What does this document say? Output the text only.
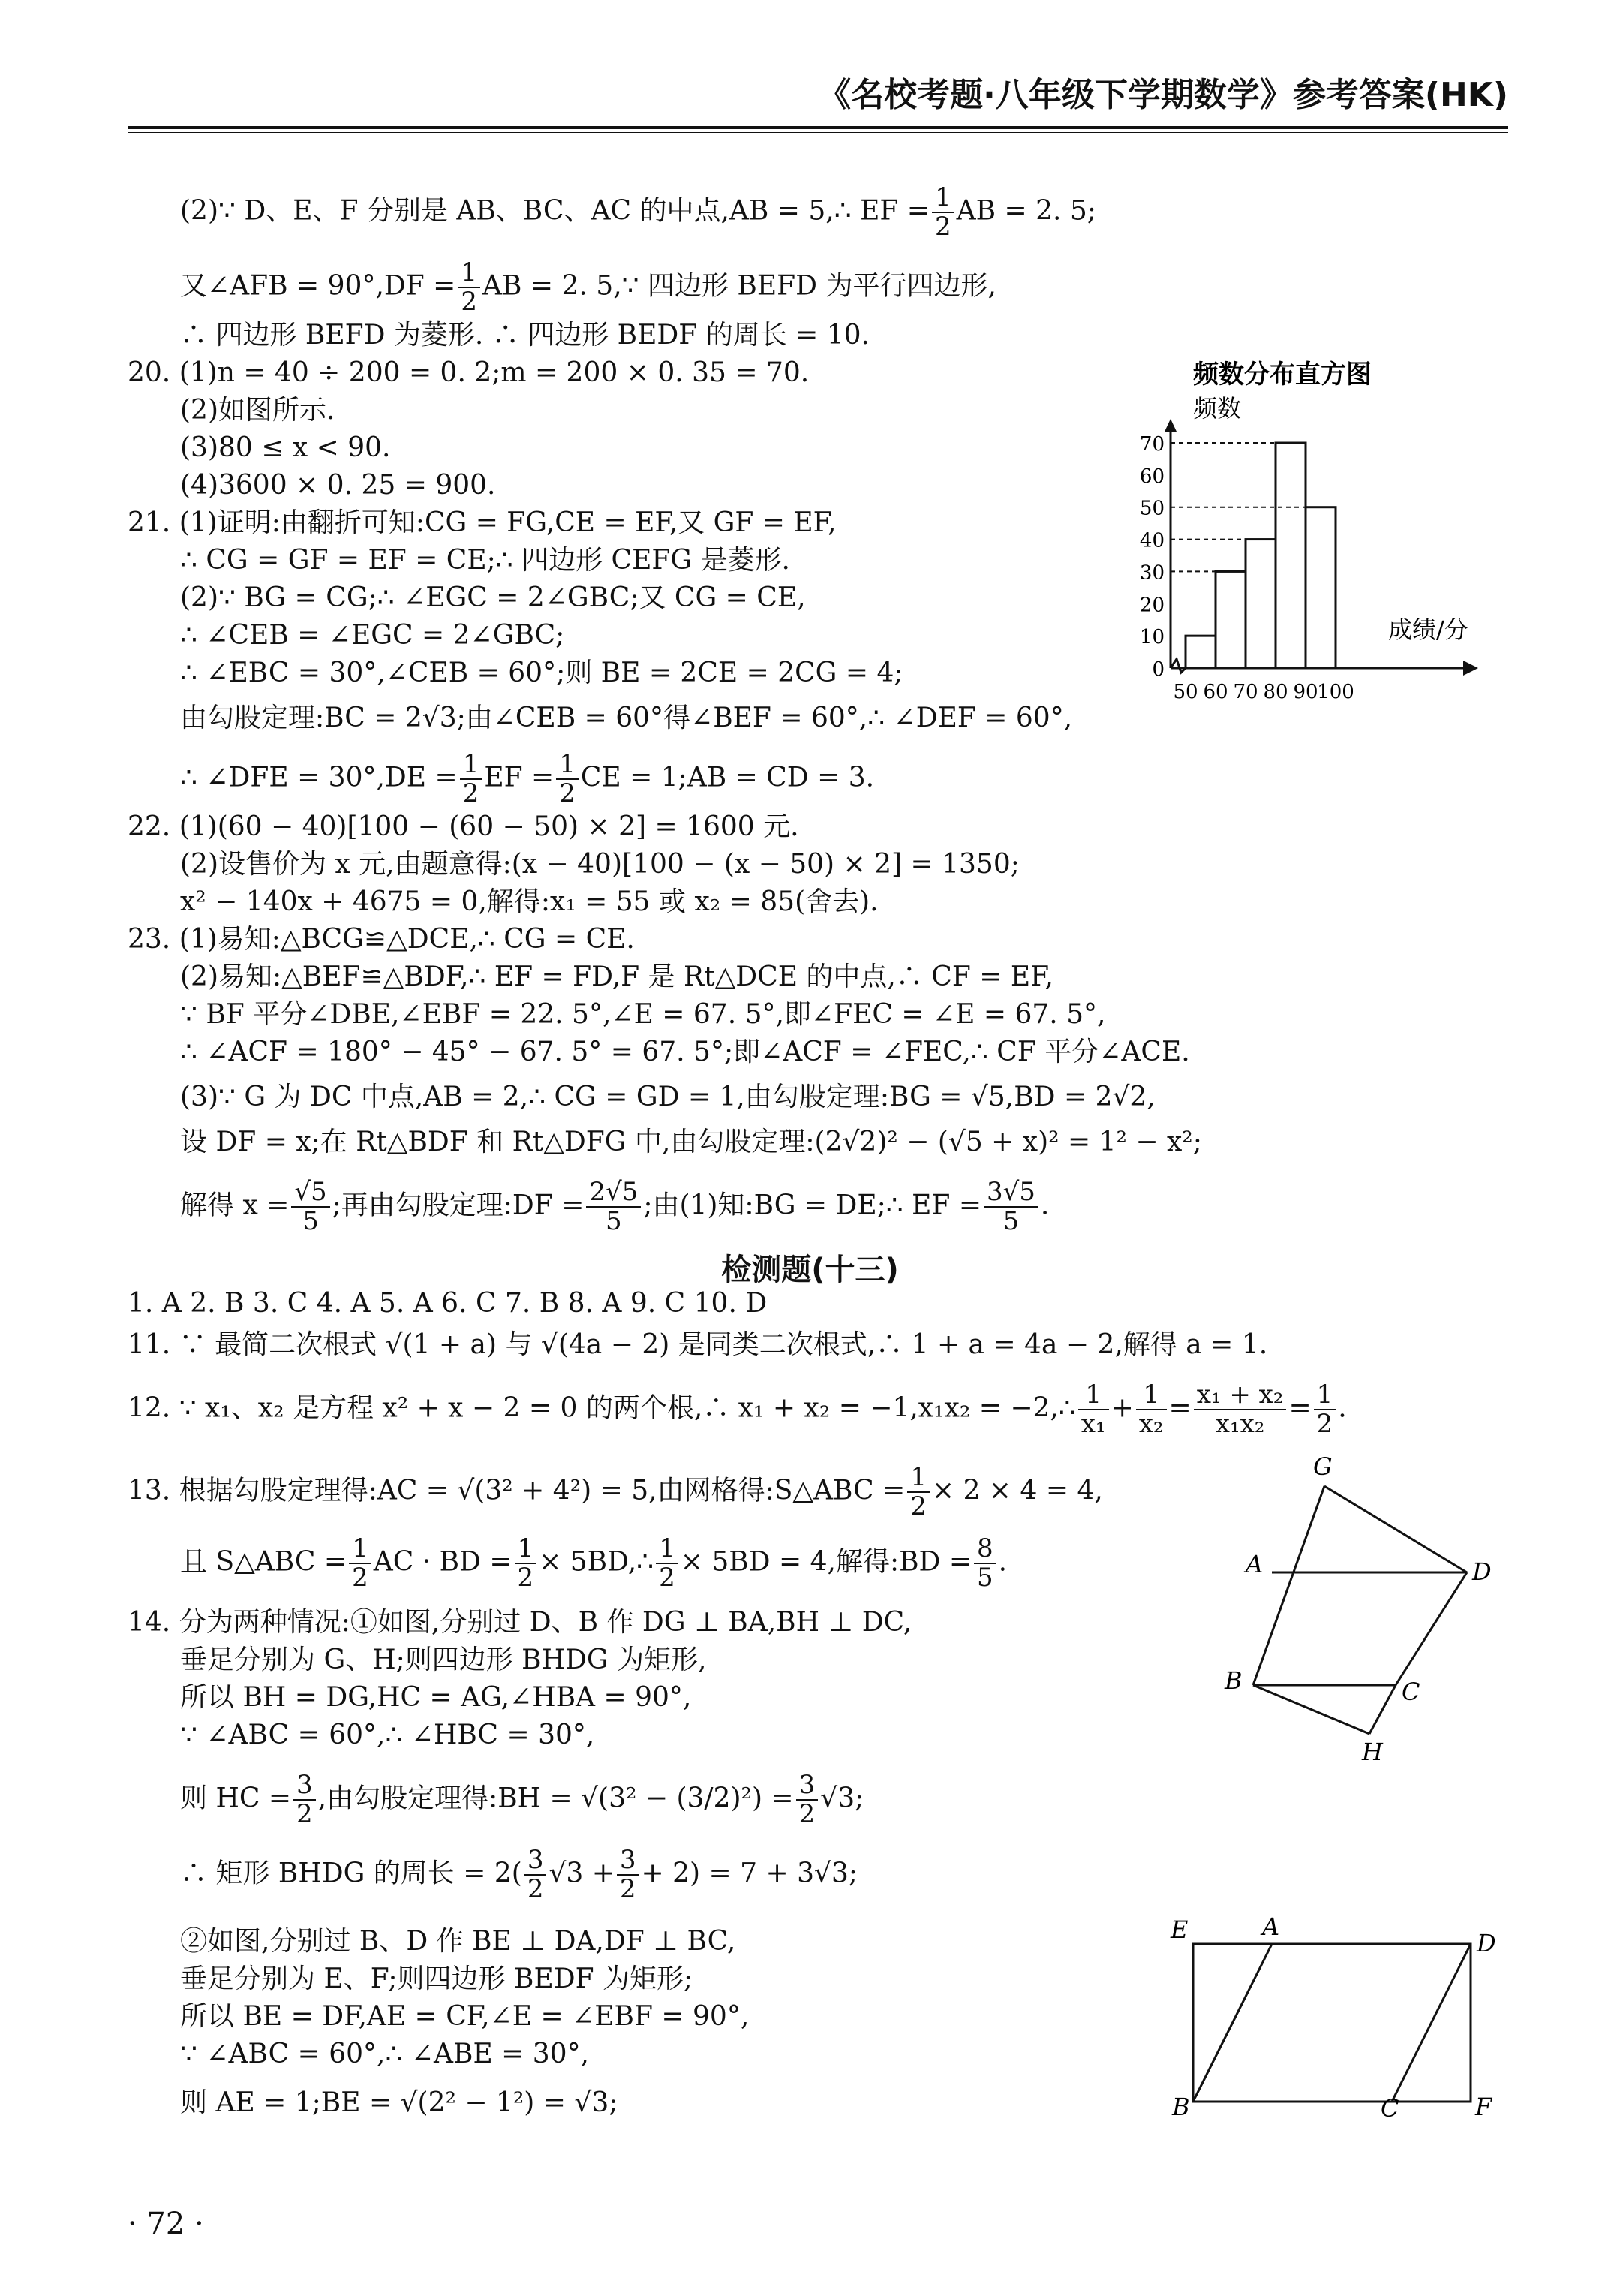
《名校考题·八年级下学期数学》参考答案(HK)
(2)∵ D、E、F 分别是 AB、BC、AC 的中点,AB = 5,∴ EF = $\frac{1}{2}$ AB = 2. 5;
又∠AFB = $90^\circ,DF = \frac{1}{2}$ AB = 2. 5,∵ 四边形 BEFD 为平行四边形,
∴ 四边形 BEFD 为菱形. ∴ 四边形 BEDF 的周长 = 10.
20. (1)n = 40 ÷ 200 = 0. 2;m = 200 × 0. 35 = 70.
(2)如图所示.
(3)80 ≤ x < 90.
(4)3600 × 0. 25 = 900.
21. (1)证明:由翻折可知:CG = FG,CE = EF,又 GF = EF,
∴ CG = GF = EF = CE;∴ 四边形 CEFG 是菱形.
(2)∵ BG = CG;∴ ∠EGC = 2∠GBC;又 CG = CE,
∴ ∠CEB = ∠EGC = 2∠GBC;
∴ ∠EBC = 30°,∠CEB = 60°;则 BE = 2CE = 2CG = 4;
由勾股定理:BC = 2√3;由∠CEB = 60°得∠BEF = 60°,∴ ∠DEF = 60°,
∴ ∠DFE = $30^\circ,DE = \frac{1}{2}$ EF = $\frac{1}{2}$ CE = 1;AB = CD = 3.
22. (1)(60 − 40)[100 − (60 − 50) × 2] = 1600 元.
(2)设售价为 x 元,由题意得:(x − 40)[100 − (x − 50) × 2] = 1350;
x² − 140x + 4675 = 0,解得:x₁ = 55 或 x₂ = 85(舍去).
23. (1)易知:△BCG≌△DCE,∴ CG = CE.
(2)易知:△BEF≌△BDF,∴ EF = FD,F 是 Rt△DCE 的中点,∴ CF = EF,
∵ BF 平分∠DBE,∠EBF = 22. 5°,∠E = 67. 5°,即∠FEC = ∠E = 67. 5°,
∴ ∠ACF = 180° − 45° − 67. 5° = 67. 5°;即∠ACF = ∠FEC,∴ CF 平分∠ACE.
(3)∵ G 为 DC 中点,AB = 2,∴ CG = GD = 1,由勾股定理:BG = √5,BD = 2√2,
设 DF = x;在 Rt△BDF 和 Rt△DFG 中,由勾股定理:(2√2)² − (√5 + x)² = 1² − x²;
解得 $x = \frac{√5}{5}$ ;再由勾股定理:DF = $\frac{2√5}{5}$ ;由(1)知:BG = DE;∴ EF = $\frac{3√5}{5}$ .
检测题(十三)
1. A 2. B 3. C 4. A 5. A 6. C 7. B 8. A 9. C 10. D
11. ∵ 最简二次根式 √(1 + a) 与 √(4a − 2) 是同类二次根式,∴ 1 + a = 4a − 2,解得 a = 1.
12. ∵ x₁、x₂ 是方程 x² + x − 2 = 0 的两个根,∴ x₁ + x₂ = −1,x₁x₂ = −2,∴ $\frac{1}{\text{x₁}} + \frac{1}{\text{x₂}} = \frac{\text{x₁ + x₂}}{\text{x₁x₂}} = \frac{1}{2}$ .
13. 根据勾股定理得:AC = √(3² + 4²) = 5,由网格得:S△ABC = $\frac{1}{2} \times 2 \times 4 = 4$,
且 S△ABC = $\frac{1}{2}$ AC · BD = $\frac{1}{2}$ × 5BD,∴ $\frac{1}{2} \times 5BD = 4$,解得:BD = $\frac{8}{5}$ .
14. 分为两种情况:①如图,分别过 D、B 作 DG ⊥ BA,BH ⊥ DC,
垂足分别为 G、H;则四边形 BHDG 为矩形,
所以 BH = DG,HC = AG,∠HBA = 90°,
∵ ∠ABC = 60°,∴ ∠HBC = 30°,
则 HC = $\frac{3}{2}$ ,由勾股定理得:BH = $√(3^2 - (3/2)^2) = \frac{3}{2} √3$;
∴ 矩形 BHDG 的周长 = $2( \frac{3}{2} √3 + \frac{3}{2} + 2) = 7 + 3√3$;
②如图,分别过 B、D 作 BE ⊥ DA,DF ⊥ BC,
垂足分别为 E、F;则四边形 BEDF 为矩形;
所以 BE = DF,AE = CF,∠E = ∠EBF = 90°,
∵ ∠ABC = 60°,∴ ∠ABE = 30°,
则 AE = 1;BE = √(2² − 1²) = √3;
· 72 ·
频数分布直方图
频数
成绩/分
0
10
20
30
40
50
60
70
50 60 70 80 90
100
G
A	D
B	C
H
E	A
D
B	C	F
